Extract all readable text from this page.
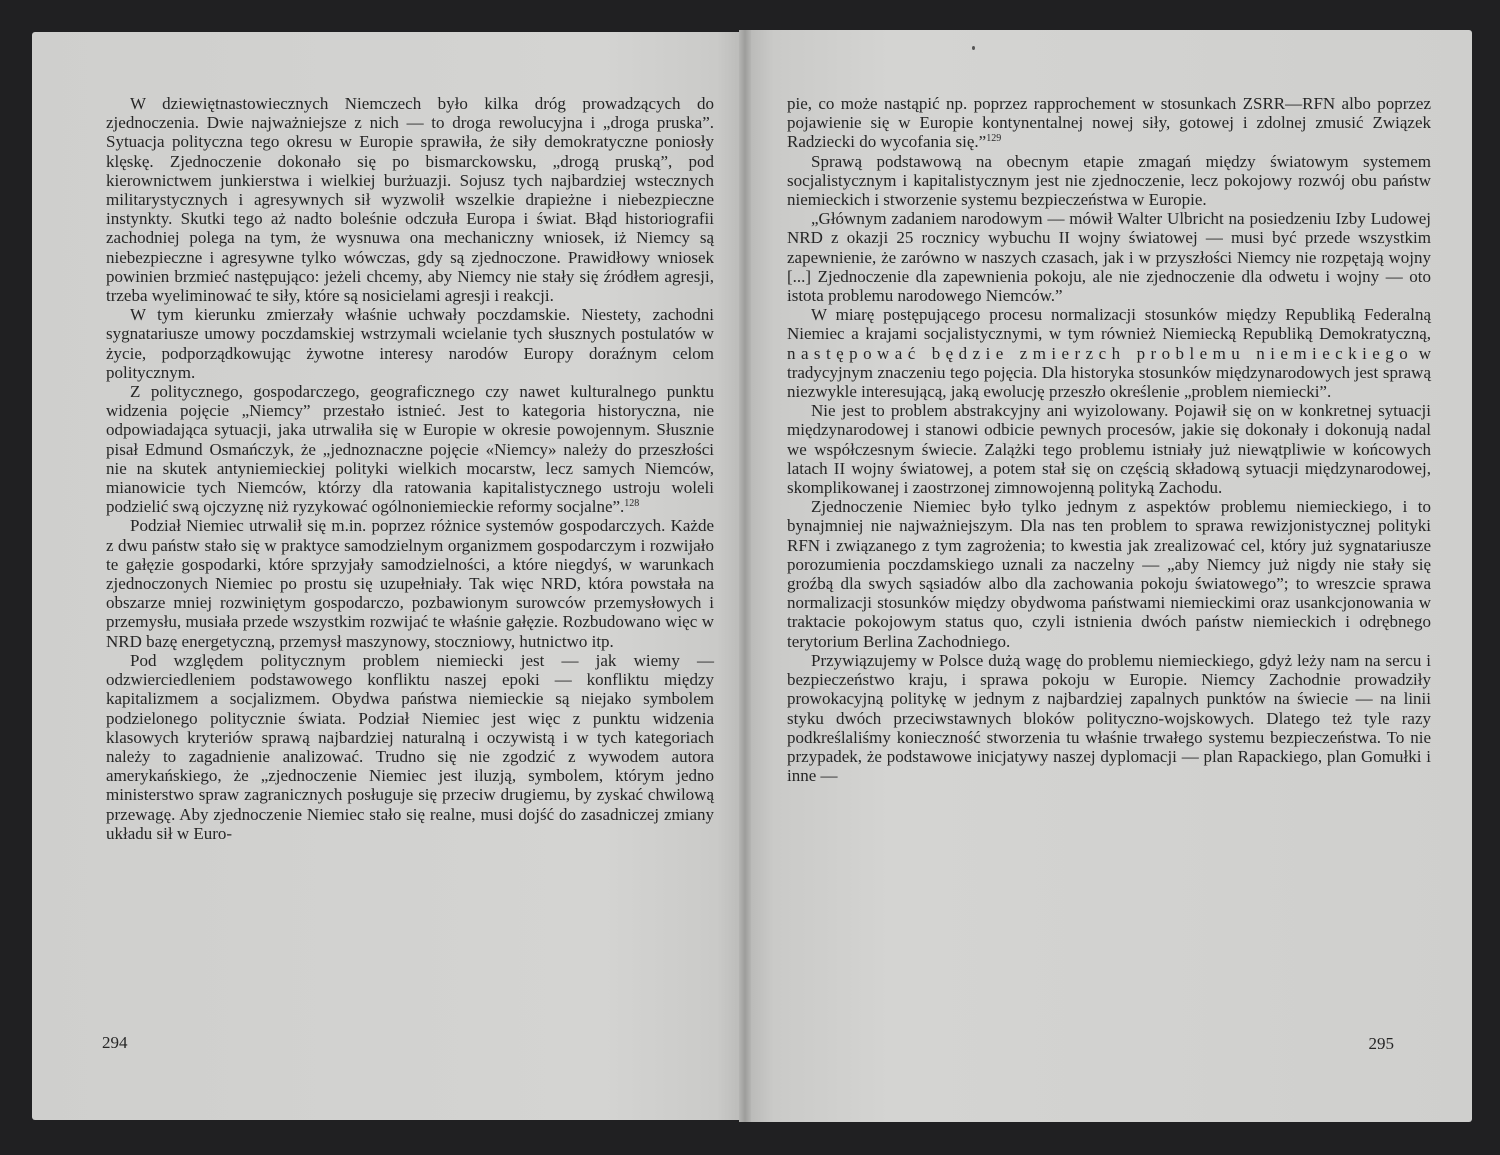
W dziewiętnastowiecznych Niemczech było kilka dróg prowadzących do zjednoczenia. Dwie najważniejsze z nich — to droga rewolucyjna i „droga pruska”. Sytuacja polityczna tego okresu w Europie sprawiła, że siły demokratyczne poniosły klęskę. Zjednoczenie dokonało się po bismarckowsku, „drogą pruską”, pod kierownictwem junkierstwa i wielkiej burżuazji. Sojusz tych najbardziej wstecznych militarystycznych i agresywnych sił wyzwolił wszelkie drapieżne i niebezpieczne instynkty. Skutki tego aż nadto boleśnie odczuła Europa i świat. Błąd historiografii zachodniej polega na tym, że wysnuwa ona mechaniczny wniosek, iż Niemcy są niebezpieczne i agresywne tylko wówczas, gdy są zjednoczone. Prawidłowy wniosek powinien brzmieć następująco: jeżeli chcemy, aby Niemcy nie stały się źródłem agresji, trzeba wyeliminować te siły, które są nosicielami agresji i reakcji.

W tym kierunku zmierzały właśnie uchwały poczdamskie. Niestety, zachodni sygnatariusze umowy poczdamskiej wstrzymali wcielanie tych słusznych postulatów w życie, podporządkowując żywotne interesy narodów Europy doraźnym celom politycznym.

Z politycznego, gospodarczego, geograficznego czy nawet kulturalnego punktu widzenia pojęcie „Niemcy” przestało istnieć. Jest to kategoria historyczna, nie odpowiadająca sytuacji, jaka utrwaliła się w Europie w okresie powojennym. Słusznie pisał Edmund Osmańczyk, że „jednoznaczne pojęcie «Niemcy» należy do przeszłości nie na skutek antyniemieckiej polityki wielkich mocarstw, lecz samych Niemców, mianowicie tych Niemców, którzy dla ratowania kapitalistycznego ustroju woleli podzielić swą ojczyznę niż ryzykować ogólnoniemieckie reformy socjalne”.$^{128}$

Podział Niemiec utrwalił się m.in. poprzez różnice systemów gospodarczych. Każde z dwu państw stało się w praktyce samodzielnym organizmem gospodarczym i rozwijało te gałęzie gospodarki, które sprzyjały samodzielności, a które niegdyś, w warunkach zjednoczonych Niemiec po prostu się uzupełniały. Tak więc NRD, która powstała na obszarze mniej rozwiniętym gospodarczo, pozbawionym surowców przemysłowych i przemysłu, musiała przede wszystkim rozwijać te właśnie gałęzie. Rozbudowano więc w NRD bazę energetyczną, przemysł maszynowy, stoczniowy, hutnictwo itp.

Pod względem politycznym problem niemiecki jest — jak wiemy — odzwierciedleniem podstawowego konfliktu naszej epoki — konfliktu między kapitalizmem a socjalizmem. Obydwa państwa niemieckie są niejako symbolem podzielonego politycznie świata. Podział Niemiec jest więc z punktu widzenia klasowych kryteriów sprawą najbardziej naturalną i oczywistą i w tych kategoriach należy to zagadnienie analizować. Trudno się nie zgodzić z wywodem autora amerykańskiego, że „zjednoczenie Niemiec jest iluzją, symbolem, którym jedno ministerstwo spraw zagranicznych posługuje się przeciw drugiemu, by zyskać chwilową przewagę. Aby zjednoczenie Niemiec stało się realne, musi dojść do zasadniczej zmiany układu sił w Euro-

294

pie, co może nastąpić np. poprzez rapprochement w stosunkach ZSRR—RFN albo poprzez pojawienie się w Europie kontynentalnej nowej siły, gotowej i zdolnej zmusić Związek Radziecki do wycofania się.”$^{129}$

Sprawą podstawową na obecnym etapie zmagań między światowym systemem socjalistycznym i kapitalistycznym jest nie zjednoczenie, lecz pokojowy rozwój obu państw niemieckich i stworzenie systemu bezpieczeństwa w Europie.

„Głównym zadaniem narodowym — mówił Walter Ulbricht na posiedzeniu Izby Ludowej NRD z okazji 25 rocznicy wybuchu II wojny światowej — musi być przede wszystkim zapewnienie, że zarówno w naszych czasach, jak i w przyszłości Niemcy nie rozpętają wojny [...] Zjednoczenie dla zapewnienia pokoju, ale nie zjednoczenie dla odwetu i wojny — oto istota problemu narodowego Niemców.”

W miarę postępującego procesu normalizacji stosunków między Republiką Federalną Niemiec a krajami socjalistycznymi, w tym również Niemiecką Republiką Demokratyczną, następować będzie zmierzch problemu niemieckiego w tradycyjnym znaczeniu tego pojęcia. Dla historyka stosunków międzynarodowych jest sprawą niezwykle interesującą, jaką ewolucję przeszło określenie „problem niemiecki”.

Nie jest to problem abstrakcyjny ani wyizolowany. Pojawił się on w konkretnej sytuacji międzynarodowej i stanowi odbicie pewnych procesów, jakie się dokonały i dokonują nadal we współczesnym świecie. Zalążki tego problemu istniały już niewątpliwie w końcowych latach II wojny światowej, a potem stał się on częścią składową sytuacji międzynarodowej, skomplikowanej i zaostrzonej zimnowojenną polityką Zachodu.

Zjednoczenie Niemiec było tylko jednym z aspektów problemu niemieckiego, i to bynajmniej nie najważniejszym. Dla nas ten problem to sprawa rewizjonistycznej polityki RFN i związanego z tym zagrożenia; to kwestia jak zrealizować cel, który już sygnatariusze porozumienia poczdamskiego uznali za naczelny — „aby Niemcy już nigdy nie stały się groźbą dla swych sąsiadów albo dla zachowania pokoju światowego”; to wreszcie sprawa normalizacji stosunków między obydwoma państwami niemieckimi oraz usankcjonowania w traktacie pokojowym status quo, czyli istnienia dwóch państw niemieckich i odrębnego terytorium Berlina Zachodniego.

Przywiązujemy w Polsce dużą wagę do problemu niemieckiego, gdyż leży nam na sercu i bezpieczeństwo kraju, i sprawa pokoju w Europie. Niemcy Zachodnie prowadziły prowokacyjną politykę w jednym z najbardziej zapalnych punktów na świecie — na linii styku dwóch przeciwstawnych bloków polityczno-wojskowych. Dlatego też tyle razy podkreślaliśmy konieczność stworzenia tu właśnie trwałego systemu bezpieczeństwa. To nie przypadek, że podstawowe inicjatywy naszej dyplomacji — plan Rapackiego, plan Gomułki i inne —

295
